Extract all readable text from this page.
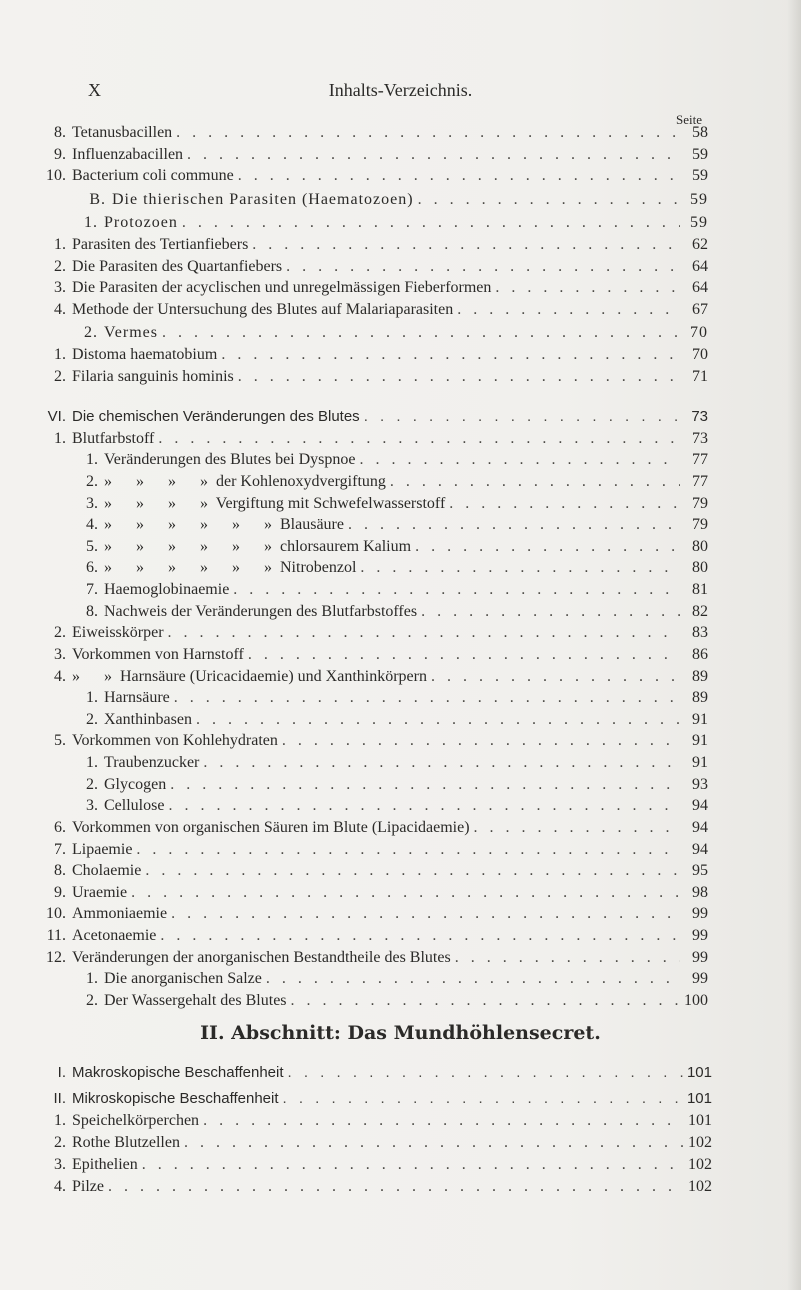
X	Inhalts-Verzeichnis.
Seite
8. Tetanusbacillen . . .	58
9. Influenzabacillen . . .	59
10. Bacterium coli commune . . .	59
B. Die thierischen Parasiten (Haematozoen) . . .	59
1. Protozoen . . .	59
1. Parasiten des Tertianfiebers . . .	62
2. Die Parasiten des Quartanfiebers . . .	64
3. Die Parasiten der acyclischen und unregelmässigen Fieberformen . . .	64
4. Methode der Untersuchung des Blutes auf Malariaparasiten . . .	67
2. Vermes . . .	70
1. Distoma haematobium . . .	70
2. Filaria sanguinis hominis . . .	71
VI. Die chemischen Veränderungen des Blutes . . .	73
1. Blutfarbstoff . . .	73
1. Veränderungen des Blutes bei Dyspnoe . . .	77
2. »      »      »      »  der Kohlenoxydvergiftung . . .	77
3. »      »      »      »  Vergiftung mit Schwefelwasserstoff . . .	79
4. »      »      »      »      »      »  Blausäure . . .	79
5. »      »      »      »      »      »  chlorsaurem Kalium . . .	80
6. »      »      »      »      »      »  Nitrobenzol . . .	80
7. Haemoglobinaemie . . .	81
8. Nachweis der Veränderungen des Blutfarbstoffes . . .	82
2. Eiweisskörper . . .	83
3. Vorkommen von Harnstoff . . .	86
4. »      »  Harnsäure (Uricacidaemie) und Xanthinkörpern . . .	89
1. Harnsäure . . .	89
2. Xanthinbasen . . .	91
5. Vorkommen von Kohlehydraten . . .	91
1. Traubenzucker . . .	91
2. Glycogen . . .	93
3. Cellulose . . .	94
6. Vorkommen von organischen Säuren im Blute (Lipacidaemie) . . .	94
7. Lipaemie . . .	94
8. Cholaemie . . .	95
9. Uraemie . . .	98
10. Ammoniaemie . . .	99
11. Acetonaemie . . .	99
12. Veränderungen der anorganischen Bestandtheile des Blutes . . .	99
1. Die anorganischen Salze . . .	99
2. Der Wassergehalt des Blutes . . .	100
II. Abschnitt: Das Mundhöhlensecret.
I. Makroskopische Beschaffenheit . . .	101
II. Mikroskopische Beschaffenheit . . .	101
1. Speichelkörperchen . . .	101
2. Rothe Blutzellen . . .	102
3. Epithelien . . .	102
4. Pilze . . .	102
